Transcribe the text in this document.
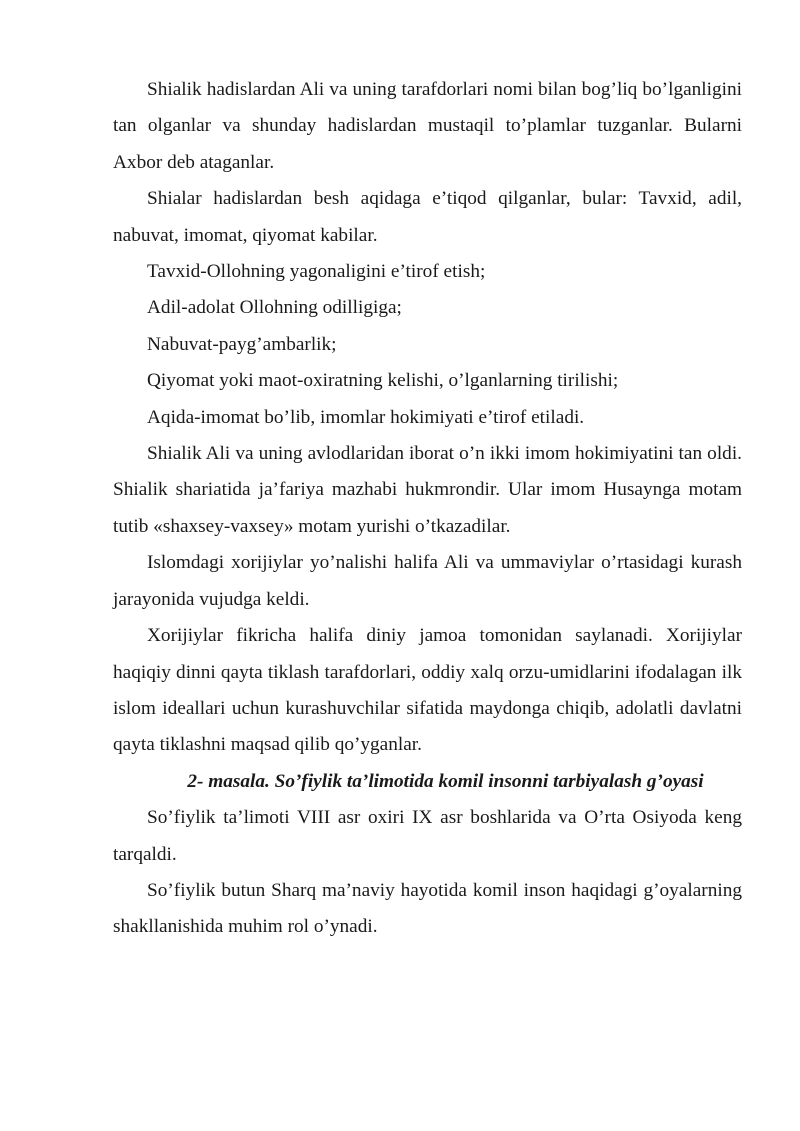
Shialik hadislardan Ali va uning tarafdorlari nomi bilan bog’liq bo’lganligini tan olganlar va shunday hadislardan mustaqil to’plamlar tuzganlar. Bularni Axbor deb ataganlar.

Shialar hadislardan besh aqidaga e’tiqod qilganlar, bular: Tavxid, adil, nabuvat, imomat, qiyomat kabilar.

Tavxid-Ollohning yagonaligini e’tirof etish;

Adil-adolat Ollohning odilligiga;

Nabuvat-payg’ambarlik;

Qiyomat yoki maot-oxiratning kelishi, o’lganlarning tirilishi;

Aqida-imomat bo’lib, imomlar hokimiyati e’tirof etiladi.

Shialik Ali va uning avlodlaridan iborat o’n ikki imom hokimiyatini tan oldi. Shialik shariatida ja’fariya mazhabi hukmrondir. Ular imom Husaynga motam tutib «shaxsey-vaxsey» motam yurishi o’tkazadilar.

Islomdagi xorijiylar yo’nalishi halifa Ali va ummaviylar o’rtasidagi kurash jarayonida vujudga keldi.

Xorijiylar fikricha halifa diniy jamoa tomonidan saylanadi. Xorijiylar haqiqiy dinni qayta tiklash tarafdorlari, oddiy xalq orzu-umidlarini ifodalagan ilk islom ideallari uchun kurashuvchilar sifatida maydonga chiqib, adolatli davlatni qayta tiklashni maqsad qilib qo’yganlar.

2- masala. So’fiylik ta’limotida komil insonni tarbiyalash g’oyasi

So’fiylik ta’limoti VIII asr oxiri IX asr boshlarida va O’rta Osiyoda keng tarqaldi.

So’fiylik butun Sharq ma’naviy hayotida komil inson haqidagi g’oyalarning shakllanishida muhim rol o’ynadi.
